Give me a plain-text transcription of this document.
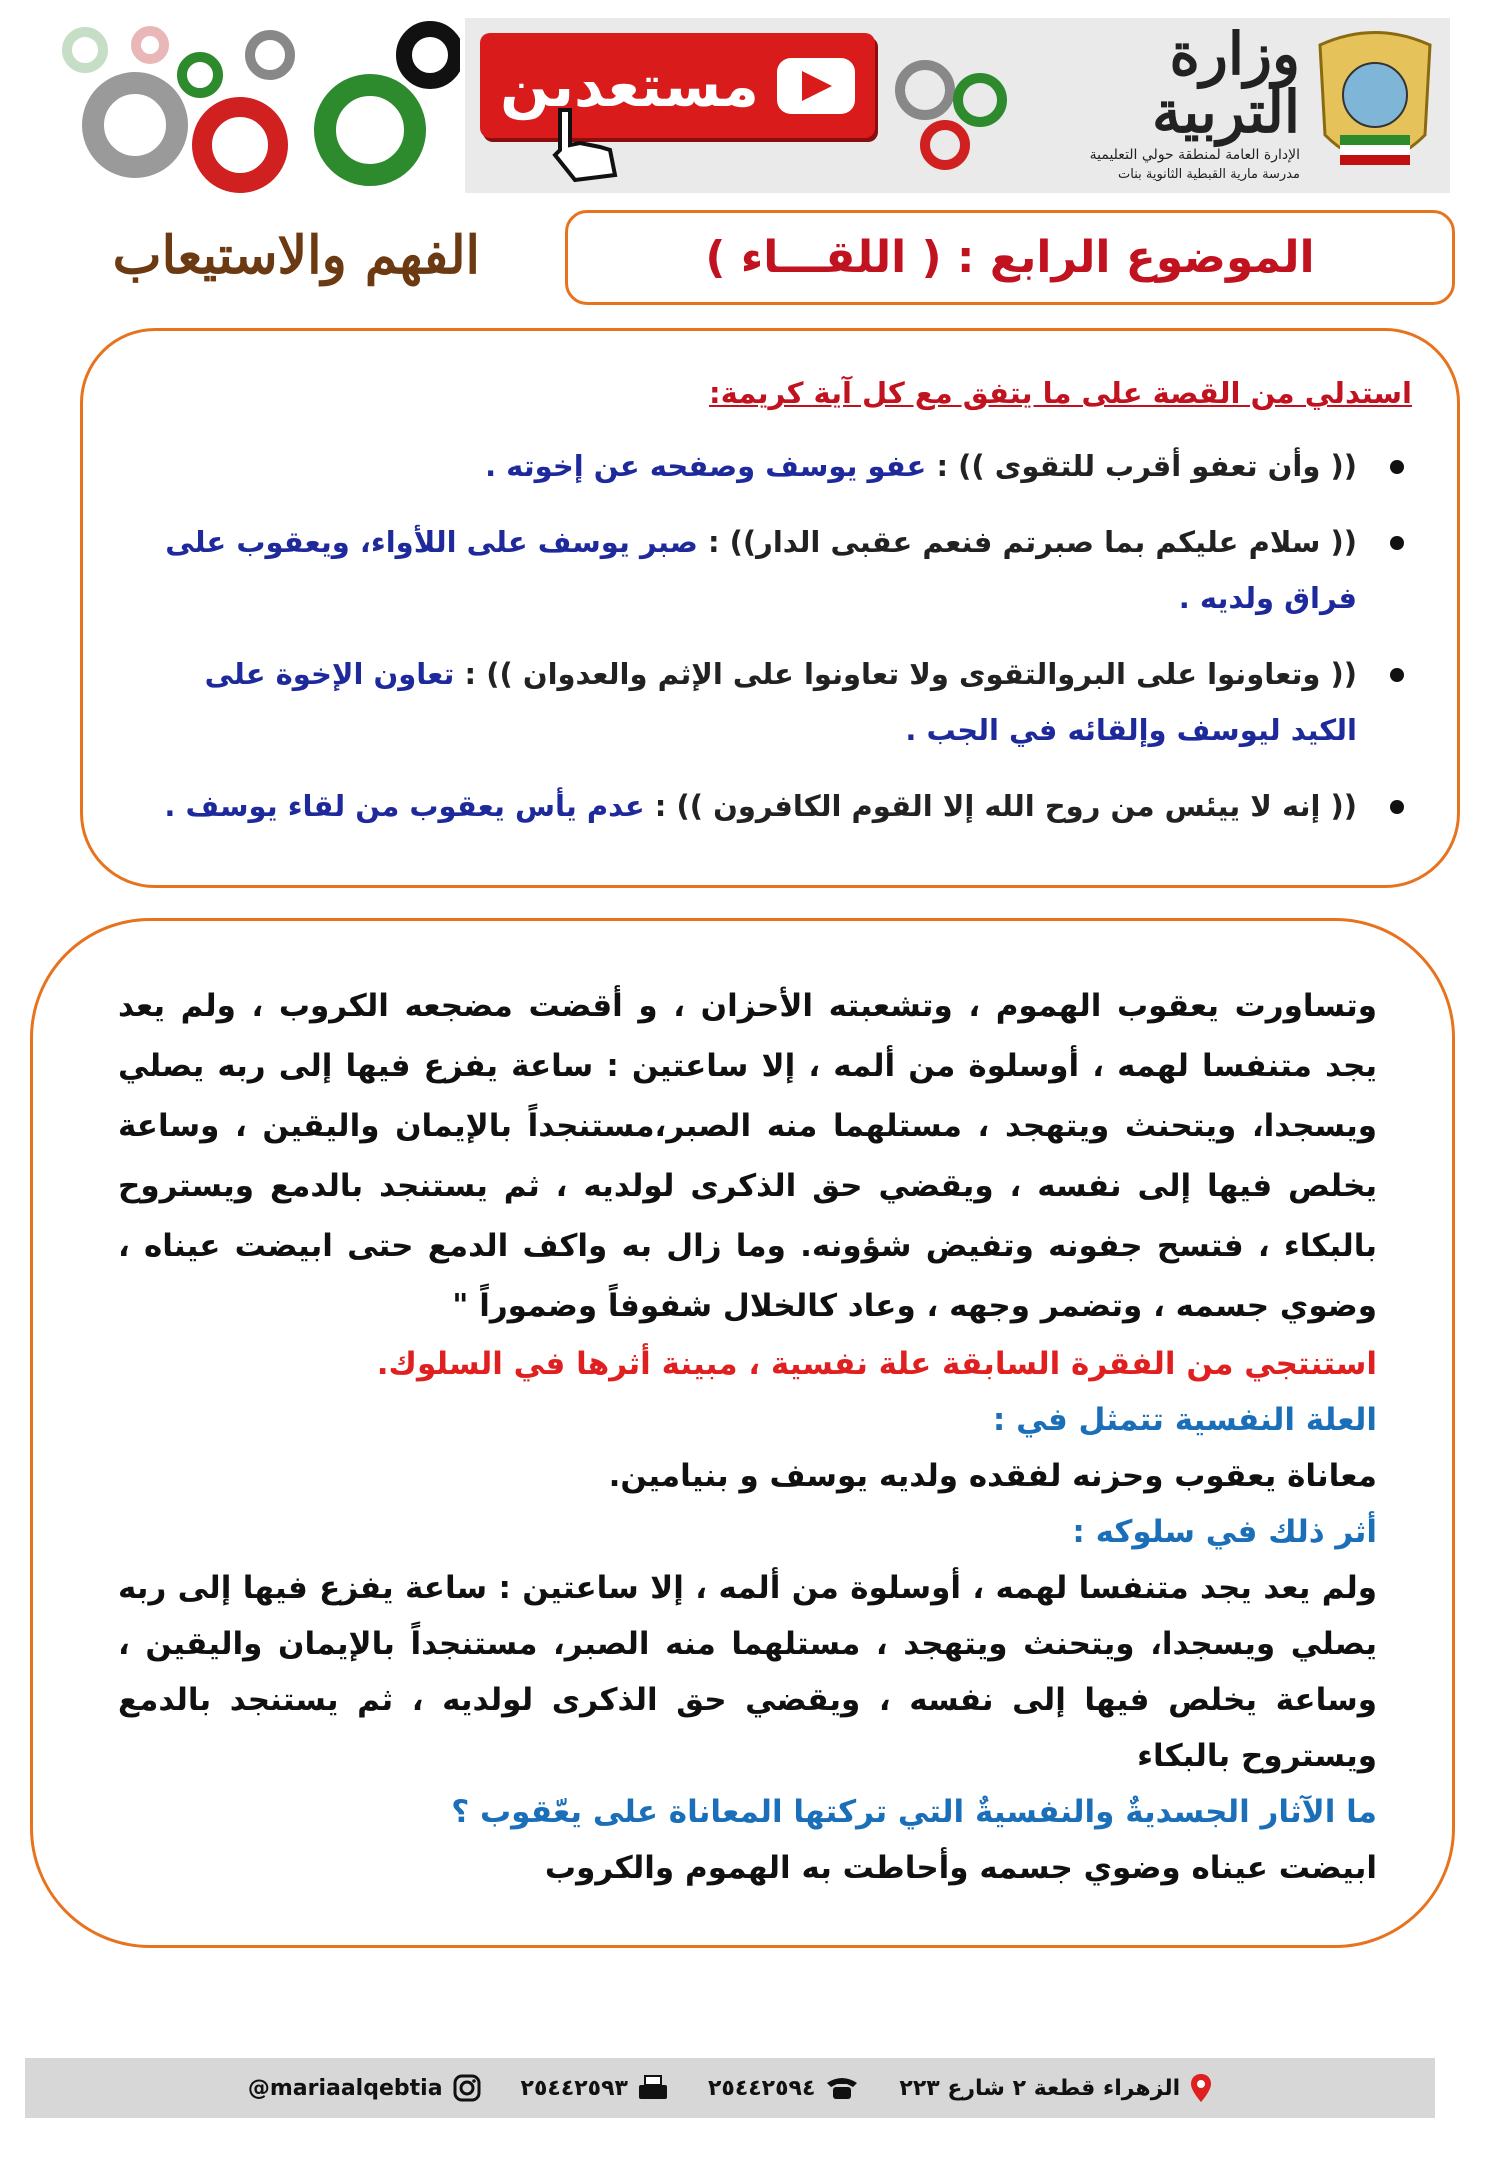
مستعدين	وزارة التربية
الإدارة العامة لمنطقة حولي التعليمية
مدرسة مارية القبطية الثانوية بنات
الفهم والاستيعاب	الموضوع الرابع : ( اللقـــاء )

استدلي من القصة على ما يتفق مع كل آية كريمة:

(( وأن تعفو أقرب للتقوى )) : عفو يوسف وصفحه عن إخوته .
(( سلام عليكم بما صبرتم فنعم عقبى الدار)) : صبر يوسف على اللأواء، ويعقوب على فراق ولديه .
(( وتعاونوا على البروالتقوى ولا تعاونوا على الإثم والعدوان )) : تعاون الإخوة على الكيد ليوسف وإلقائه في الجب .
(( إنه لا ييئس من روح الله إلا القوم الكافرون )) : عدم يأس يعقوب من لقاء يوسف .

وتساورت يعقوب الهموم ، وتشعبته الأحزان ، و أقضت مضجعه الكروب ، ولم يعد يجد متنفسا لهمه ، أوسلوة من ألمه ، إلا ساعتين : ساعة يفزع فيها إلى ربه يصلي ويسجدا، ويتحنث ويتهجد ، مستلهما منه الصبر،مستنجداً بالإيمان واليقين ، وساعة يخلص فيها إلى نفسه ، ويقضي حق الذكرى لولديه ، ثم يستنجد بالدمع ويستروح بالبكاء ، فتسح جفونه وتفيض شؤونه. وما زال به واكف الدمع حتى ابيضت عيناه ، وضوي جسمه ، وتضمر وجهه ، وعاد كالخلال شفوفاً وضموراً "

استنتجي من الفقرة السابقة علة نفسية ، مبينة أثرها في السلوك.

العلة النفسية تتمثل في :

معاناة يعقوب وحزنه لفقده ولديه يوسف و بنيامين.

أثر ذلك في سلوكه :

ولم يعد يجد متنفسا لهمه ، أوسلوة من ألمه ، إلا ساعتين : ساعة يفزع فيها إلى ربه يصلي ويسجدا، ويتحنث ويتهجد ، مستلهما منه الصبر، مستنجداً بالإيمان واليقين ، وساعة يخلص فيها إلى نفسه ، ويقضي حق الذكرى لولديه ، ثم يستنجد بالدمع ويستروح بالبكاء

ما الآثار الجسديةٌ والنفسيةٌ التي تركتها المعاناة على يعّقوب ؟

ابيضت عيناه وضوي جسمه وأحاطت به الهموم والكروب

الزهراء قطعة ٢ شارع ٢٢٣
٢٥٤٤٢٥٩٤
٢٥٤٤٢٥٩٣
@mariaalqebtia
